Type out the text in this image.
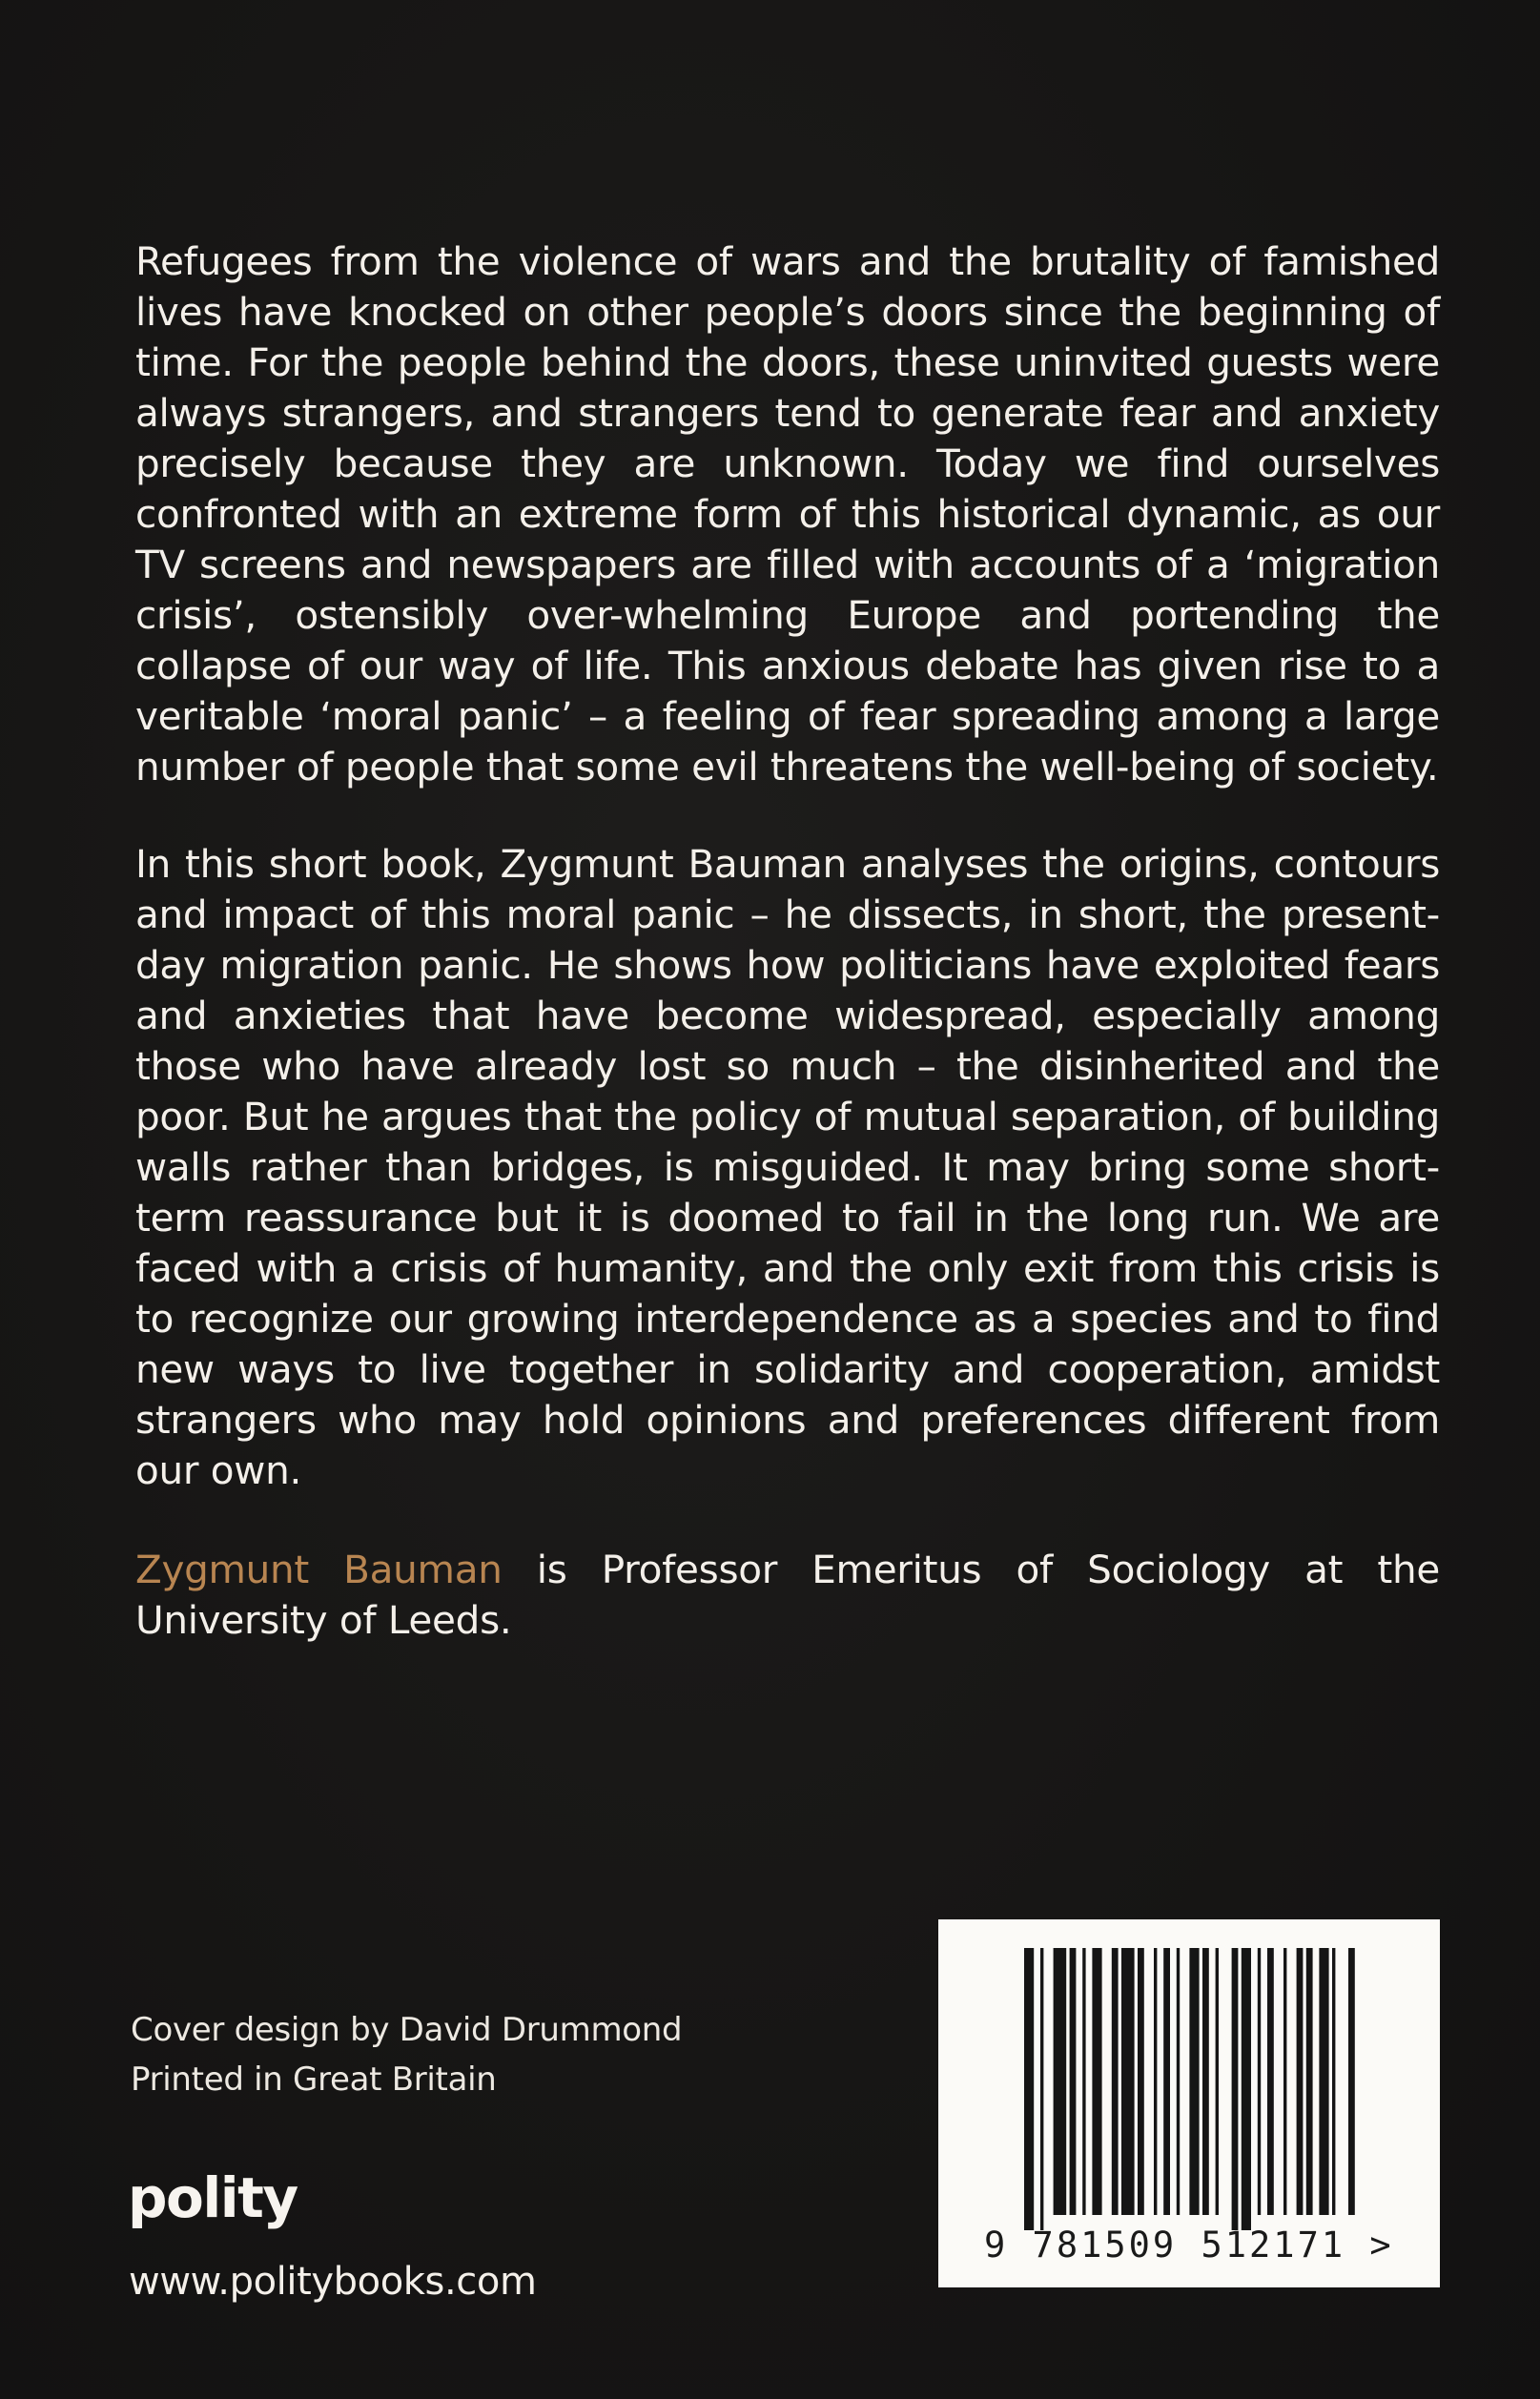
Refugees from the violence of wars and the brutality of famished lives have knocked on other people’s doors since the beginning of time. For the people behind the doors, these uninvited guests were always strangers, and strangers tend to generate fear and anxiety precisely because they are unknown. Today we find ourselves confronted with an extreme form of this historical dynamic, as our TV screens and newspapers are filled with accounts of a ‘migration crisis’, ostensibly over-whelming Europe and portending the collapse of our way of life. This anxious debate has given rise to a veritable ‘moral panic’ – a feeling of fear spreading among a large number of people that some evil threatens the well-being of society.

In this short book, Zygmunt Bauman analyses the origins, contours and impact of this moral panic – he dissects, in short, the present-day migration panic. He shows how politicians have exploited fears and anxieties that have become widespread, especially among those who have already lost so much – the disinherited and the poor. But he argues that the policy of mutual separation, of building walls rather than bridges, is misguided. It may bring some short-term reassurance but it is doomed to fail in the long run. We are faced with a crisis of humanity, and the only exit from this crisis is to recognize our growing interdependence as a species and to find new ways to live together in solidarity and cooperation, amidst strangers who may hold opinions and preferences different from our own.

Zygmunt Bauman is Professor Emeritus of Sociology at the University of Leeds.

Cover design by David Drummond
Printed in Great Britain
polity
www.politybooks.com
9 781509 512171 >
